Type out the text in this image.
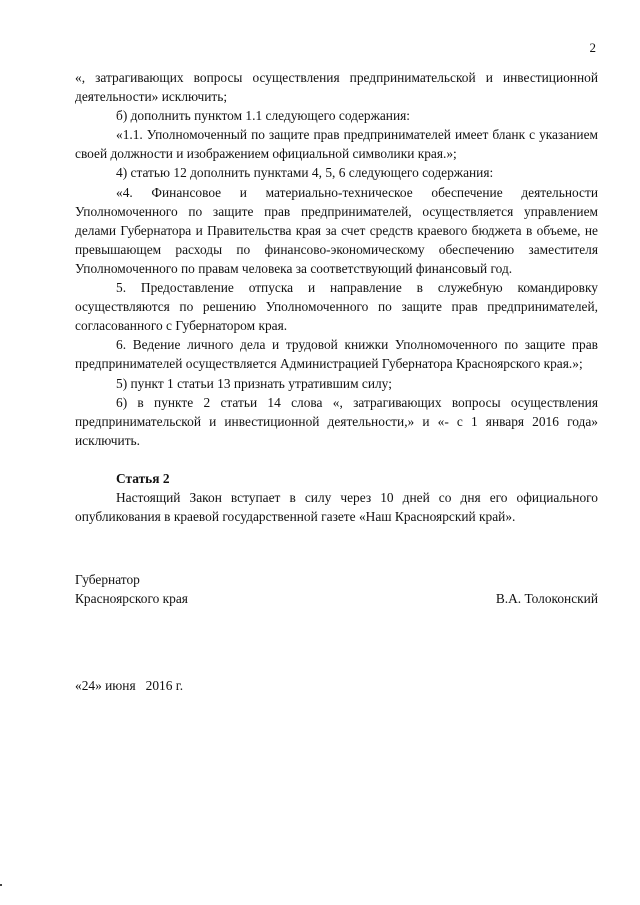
2

«, затрагивающих вопросы осуществления предпринимательской и инвестиционной деятельности» исключить;

б) дополнить пунктом 1.1 следующего содержания:

«1.1. Уполномоченный по защите прав предпринимателей имеет бланк с указанием своей должности и изображением официальной символики края.»;

4) статью 12 дополнить пунктами 4, 5, 6 следующего содержания:

«4. Финансовое и материально-техническое обеспечение деятельности Уполномоченного по защите прав предпринимателей, осуществляется управлением делами Губернатора и Правительства края за счет средств краевого бюджета в объеме, не превышающем расходы по финансово-экономическому обеспечению заместителя Уполномоченного по правам человека за соответствующий финансовый год.

5. Предоставление отпуска и направление в служебную командировку осуществляются по решению Уполномоченного по защите прав предпринимателей, согласованного с Губернатором края.

6. Ведение личного дела и трудовой книжки Уполномоченного по защите прав предпринимателей осуществляется Администрацией Губернатора Красноярского края.»;

5) пункт 1 статьи 13 признать утратившим силу;

6) в пункте 2 статьи 14 слова «, затрагивающих вопросы осуществления предпринимательской и инвестиционной деятельности,» и «- с 1 января 2016 года» исключить.

Статья 2

Настоящий Закон вступает в силу через 10 дней со дня его официального опубликования в краевой государственной газете «Наш Красноярский край».

Губернатор
Красноярского края	В.А. Толоконский
«24» июня   2016 г.
